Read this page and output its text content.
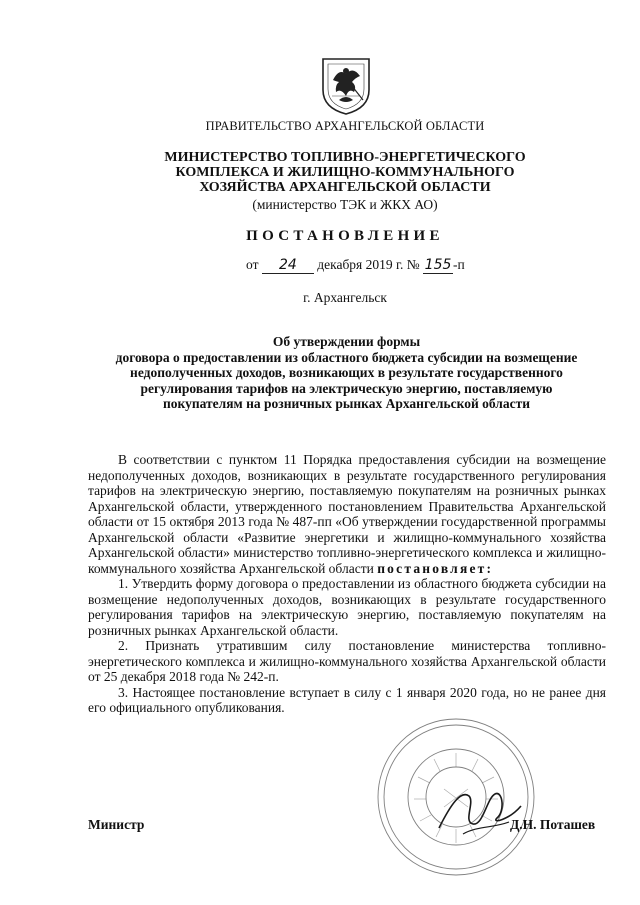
ПРАВИТЕЛЬСТВО АРХАНГЕЛЬСКОЙ ОБЛАСТИ
МИНИСТЕРСТВО ТОПЛИВНО-ЭНЕРГЕТИЧЕСКОГО
КОМПЛЕКСА И ЖИЛИЩНО-КОММУНАЛЬНОГО
ХОЗЯЙСТВА АРХАНГЕЛЬСКОЙ ОБЛАСТИ
(министерство ТЭК и ЖКХ АО)
ПОСТАНОВЛЕНИЕ
от 24 декабря 2019 г. № 155 -п
г. Архангельск
Об утверждении формы
договора о предоставлении из областного бюджета субсидии на возмещение
недополученных доходов, возникающих в результате государственного
регулирования тарифов на электрическую энергию, поставляемую
покупателям на розничных рынках Архангельской области

В соответствии с пунктом 11 Порядка предоставления субсидии на возмещение недополученных доходов, возникающих в результате государственного регулирования тарифов на электрическую энергию, поставляемую покупателям на розничных рынках Архангельской области, утвержденного постановлением Правительства Архангельской области от 15 октября 2013 года № 487-пп «Об утверждении государственной программы Архангельской области «Развитие энергетики и жилищно-коммунального хозяйства Архангельской области» министерство топливно-энергетического комплекса и жилищно-коммунального хозяйства Архангельской области постановляет:

1. Утвердить форму договора о предоставлении из областного бюджета субсидии на возмещение недополученных доходов, возникающих в результате государственного регулирования тарифов на электрическую энергию, поставляемую покупателям на розничных рынках Архангельской области.

2. Признать утратившим силу постановление министерства топливно-энергетического комплекса и жилищно-коммунального хозяйства Архангельской области от 25 декабря 2018 года № 242-п.

3. Настоящее постановление вступает в силу с 1 января 2020 года, но не ранее дня его официального опубликования.

Министр	Д.Н. Поташев
